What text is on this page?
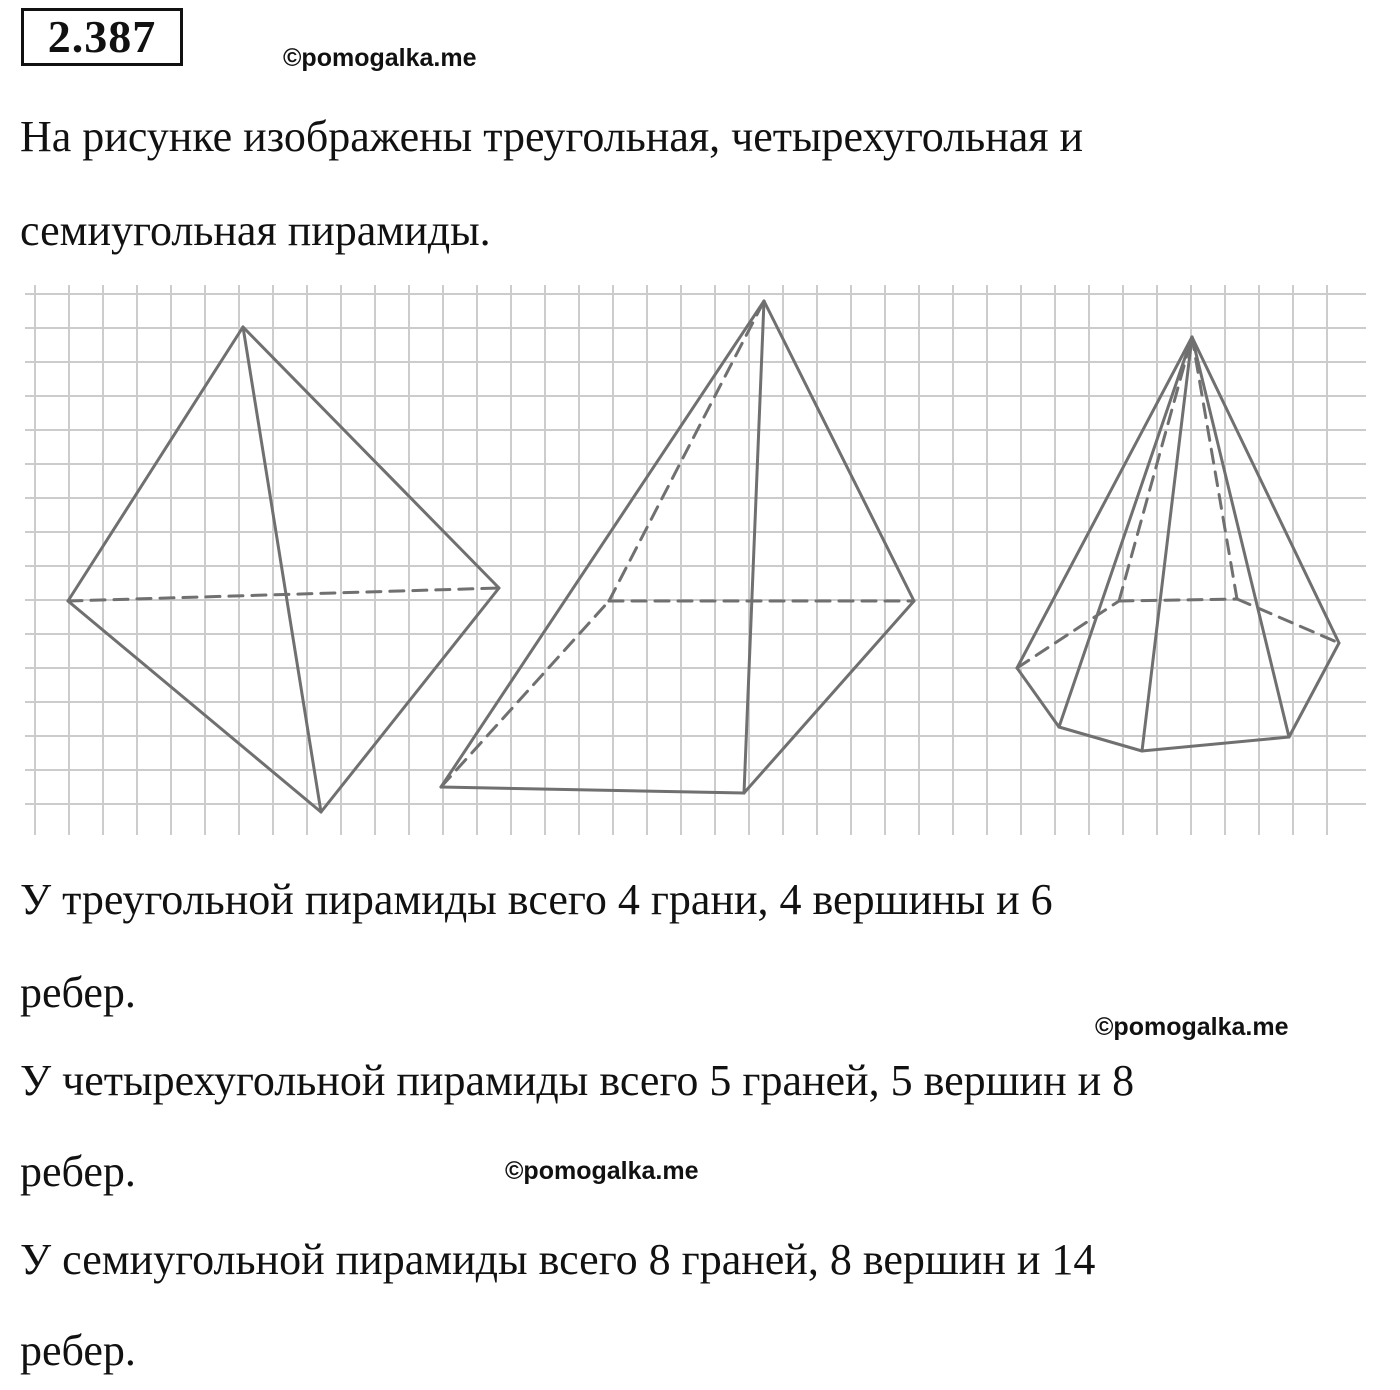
2.387	©pomogalka.me
На рисунке изображены треугольная, четырехугольная и
семиугольная пирамиды.
У треугольной пирамиды всего 4 грани, 4 вершины и 6
ребер.
©pomogalka.me
У четырехугольной пирамиды всего 5 граней, 5 вершин и 8
ребер.	©pomogalka.me
У семиугольной пирамиды всего 8 граней, 8 вершин и 14
ребер.
